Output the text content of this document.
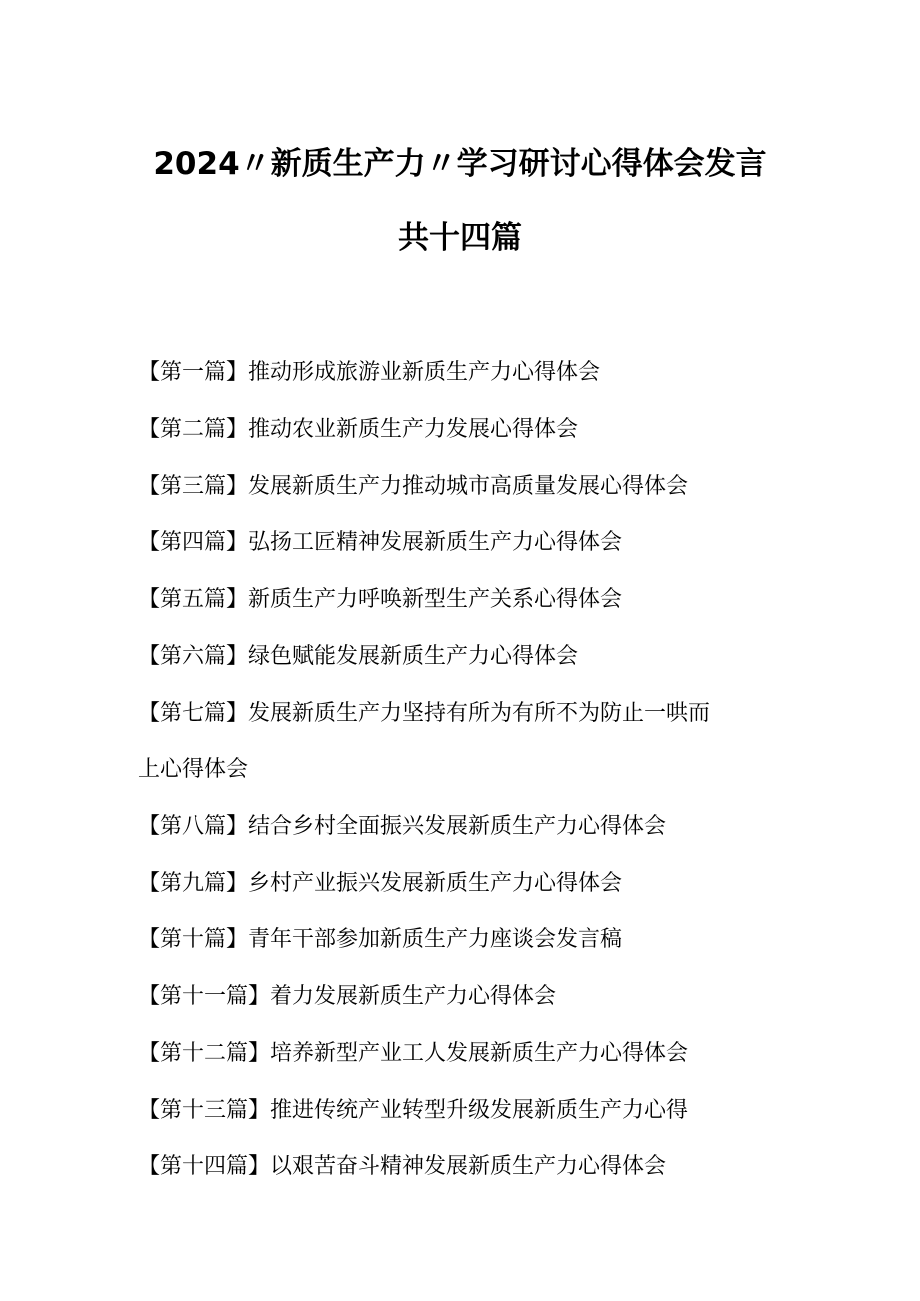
2024〃新质生产力〃学习研讨心得体会发言
共十四篇
【第一篇】推动形成旅游业新质生产力心得体会
【第二篇】推动农业新质生产力发展心得体会
【第三篇】发展新质生产力推动城市高质量发展心得体会
【第四篇】弘扬工匠精神发展新质生产力心得体会
【第五篇】新质生产力呼唤新型生产关系心得体会
【第六篇】绿色赋能发展新质生产力心得体会
【第七篇】发展新质生产力坚持有所为有所不为防止一哄而
上心得体会
【第八篇】结合乡村全面振兴发展新质生产力心得体会
【第九篇】乡村产业振兴发展新质生产力心得体会
【第十篇】青年干部参加新质生产力座谈会发言稿
【第十一篇】着力发展新质生产力心得体会
【第十二篇】培养新型产业工人发展新质生产力心得体会
【第十三篇】推进传统产业转型升级发展新质生产力心得
【第十四篇】以艰苦奋斗精神发展新质生产力心得体会
